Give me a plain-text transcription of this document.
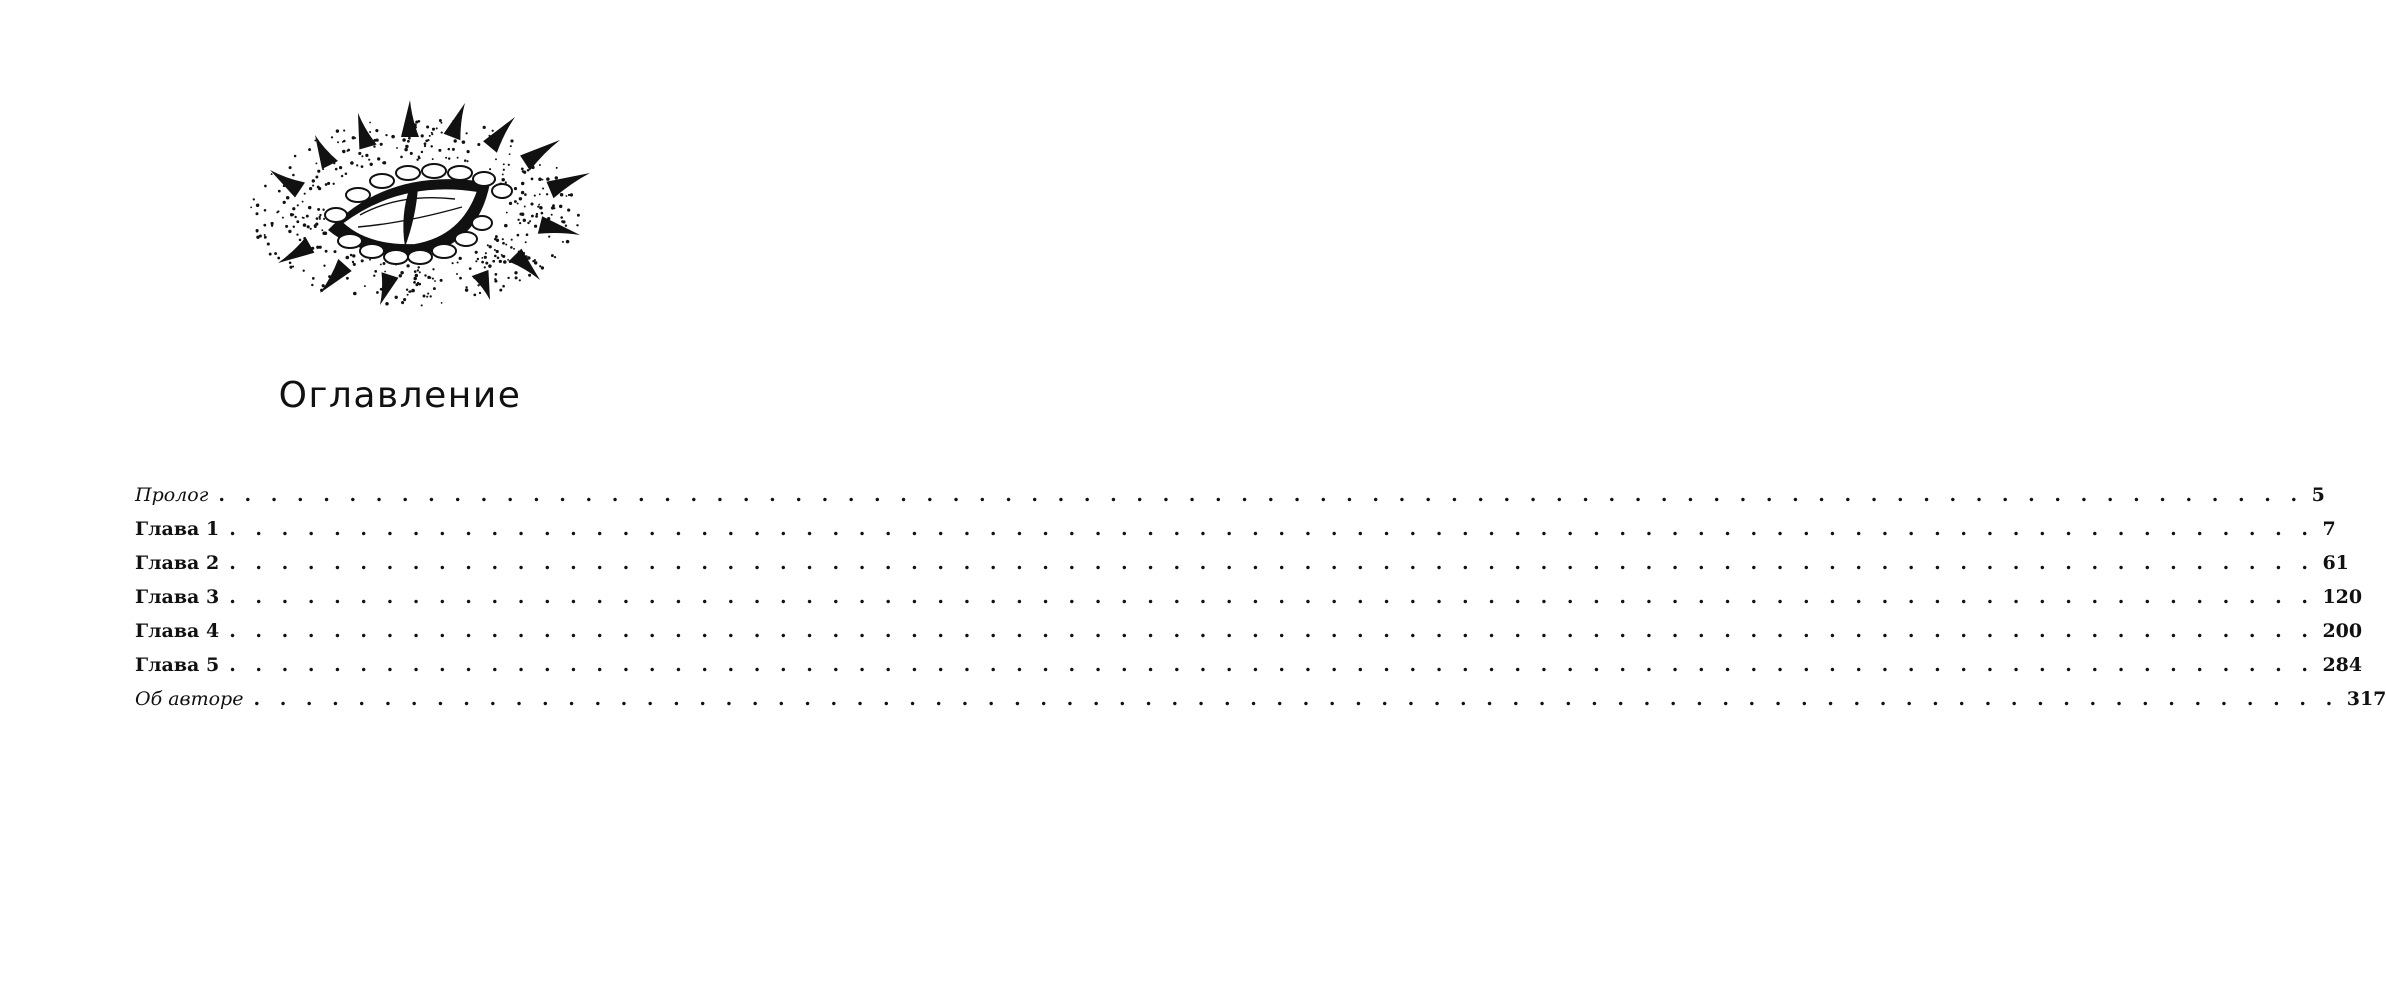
Оглавление
Пролог . . . . . . . . . . . . . . . . . . . . . . . . . . . . . . . . . . . . . . . . . . . . . . . . . . . . . . . . . . . . . . . . . . . . . . . . . . . . . . . . 5
Глава 1 . . . . . . . . . . . . . . . . . . . . . . . . . . . . . . . . . . . . . . . . . . . . . . . . . . . . . . . . . . . . . . . . . . . . . . . . . . . . . . . . 7
Глава 2 . . . . . . . . . . . . . . . . . . . . . . . . . . . . . . . . . . . . . . . . . . . . . . . . . . . . . . . . . . . . . . . . . . . . . . . . . . . . . . . . 61
Глава 3 . . . . . . . . . . . . . . . . . . . . . . . . . . . . . . . . . . . . . . . . . . . . . . . . . . . . . . . . . . . . . . . . . . . . . . . . . . . . . . . . 120
Глава 4 . . . . . . . . . . . . . . . . . . . . . . . . . . . . . . . . . . . . . . . . . . . . . . . . . . . . . . . . . . . . . . . . . . . . . . . . . . . . . . . . 200
Глава 5 . . . . . . . . . . . . . . . . . . . . . . . . . . . . . . . . . . . . . . . . . . . . . . . . . . . . . . . . . . . . . . . . . . . . . . . . . . . . . . . . 284
Об авторе . . . . . . . . . . . . . . . . . . . . . . . . . . . . . . . . . . . . . . . . . . . . . . . . . . . . . . . . . . . . . . . . . . . . . . . . . . . . . . . . 317
